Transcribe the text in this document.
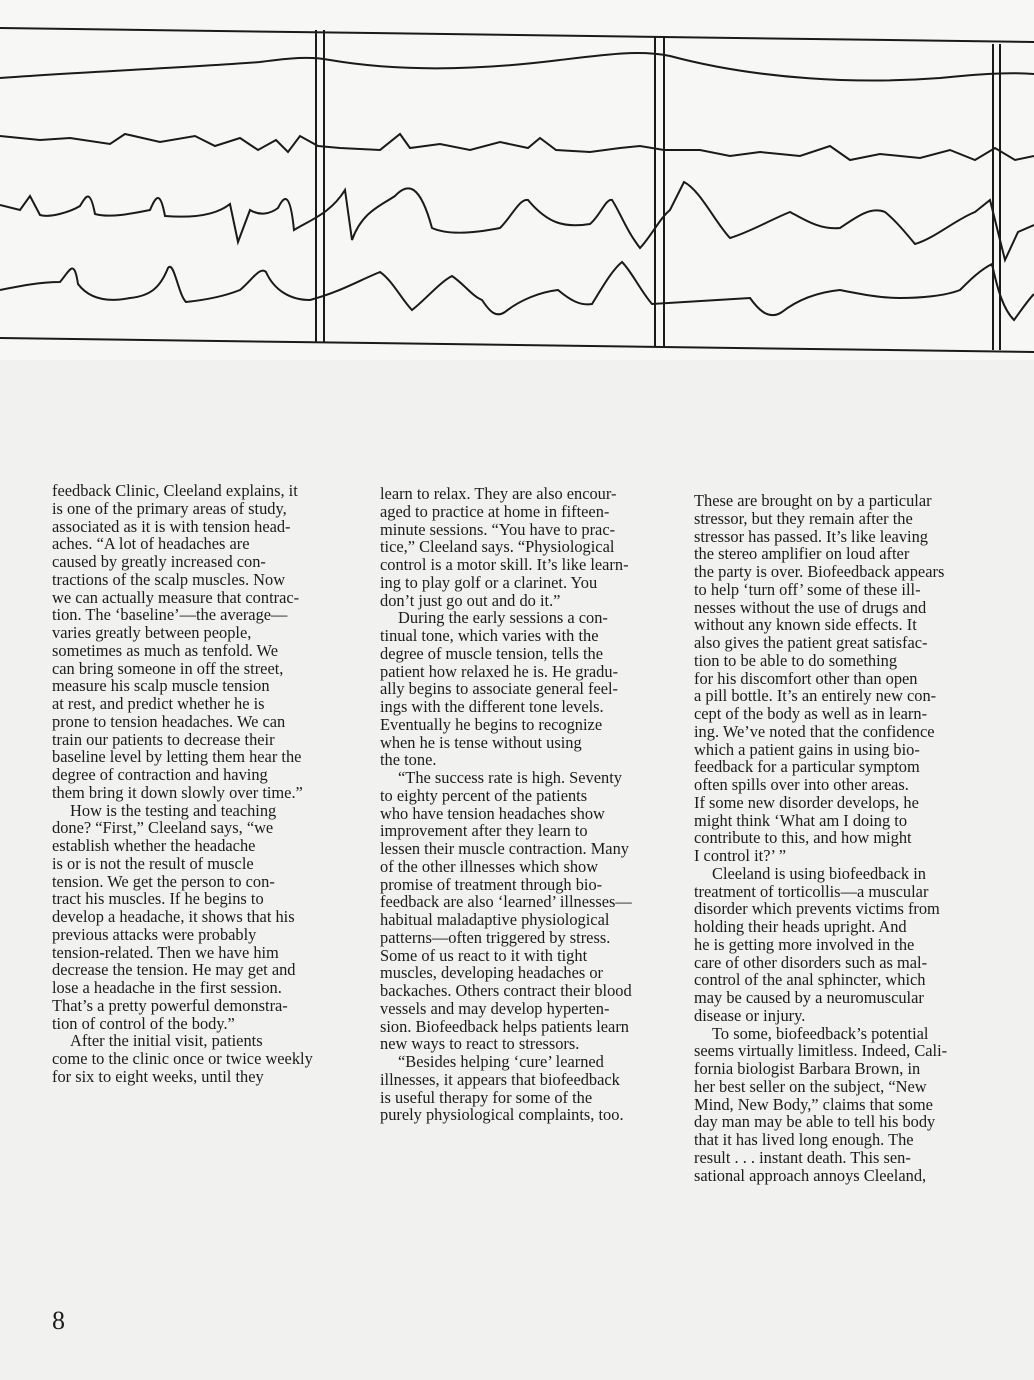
feedback Clinic, Cleeland explains, it

is one of the primary areas of study,

associated as it is with tension head-

aches. “A lot of headaches are

caused by greatly increased con-

tractions of the scalp muscles. Now

we can actually measure that contrac-

tion. The ‘baseline’—the average—

varies greatly between people,

sometimes as much as tenfold. We

can bring someone in off the street,

measure his scalp muscle tension

at rest, and predict whether he is

prone to tension headaches. We can

train our patients to decrease their

baseline level by letting them hear the

degree of contraction and having

them bring it down slowly over time.”

How is the testing and teaching

done? “First,” Cleeland says, “we

establish whether the headache

is or is not the result of muscle

tension. We get the person to con-

tract his muscles. If he begins to

develop a headache, it shows that his

previous attacks were probably

tension-related. Then we have him

decrease the tension. He may get and

lose a headache in the first session.

That’s a pretty powerful demonstra-

tion of control of the body.”

After the initial visit, patients

come to the clinic once or twice weekly

for six to eight weeks, until they

learn to relax. They are also encour-

aged to practice at home in fifteen-

minute sessions. “You have to prac-

tice,” Cleeland says. “Physiological

control is a motor skill. It’s like learn-

ing to play golf or a clarinet. You

don’t just go out and do it.”

During the early sessions a con-

tinual tone, which varies with the

degree of muscle tension, tells the

patient how relaxed he is. He gradu-

ally begins to associate general feel-

ings with the different tone levels.

Eventually he begins to recognize

when he is tense without using

the tone.

“The success rate is high. Seventy

to eighty percent of the patients

who have tension headaches show

improvement after they learn to

lessen their muscle contraction. Many

of the other illnesses which show

promise of treatment through bio-

feedback are also ‘learned’ illnesses—

habitual maladaptive physiological

patterns—often triggered by stress.

Some of us react to it with tight

muscles, developing headaches or

backaches. Others contract their blood

vessels and may develop hyperten-

sion. Biofeedback helps patients learn

new ways to react to stressors.

“Besides helping ‘cure’ learned

illnesses, it appears that biofeedback

is useful therapy for some of the

purely physiological complaints, too.

These are brought on by a particular

stressor, but they remain after the

stressor has passed. It’s like leaving

the stereo amplifier on loud after

the party is over. Biofeedback appears

to help ‘turn off’ some of these ill-

nesses without the use of drugs and

without any known side effects. It

also gives the patient great satisfac-

tion to be able to do something

for his discomfort other than open

a pill bottle. It’s an entirely new con-

cept of the body as well as in learn-

ing. We’ve noted that the confidence

which a patient gains in using bio-

feedback for a particular symptom

often spills over into other areas.

If some new disorder develops, he

might think ‘What am I doing to

contribute to this, and how might

I control it?’ ”

Cleeland is using biofeedback in

treatment of torticollis—a muscular

disorder which prevents victims from

holding their heads upright. And

he is getting more involved in the

care of other disorders such as mal-

control of the anal sphincter, which

may be caused by a neuromuscular

disease or injury.

To some, biofeedback’s potential

seems virtually limitless. Indeed, Cali-

fornia biologist Barbara Brown, in

her best seller on the subject, “New

Mind, New Body,” claims that some

day man may be able to tell his body

that it has lived long enough. The

result . . . instant death. This sen-

sational approach annoys Cleeland,

8
